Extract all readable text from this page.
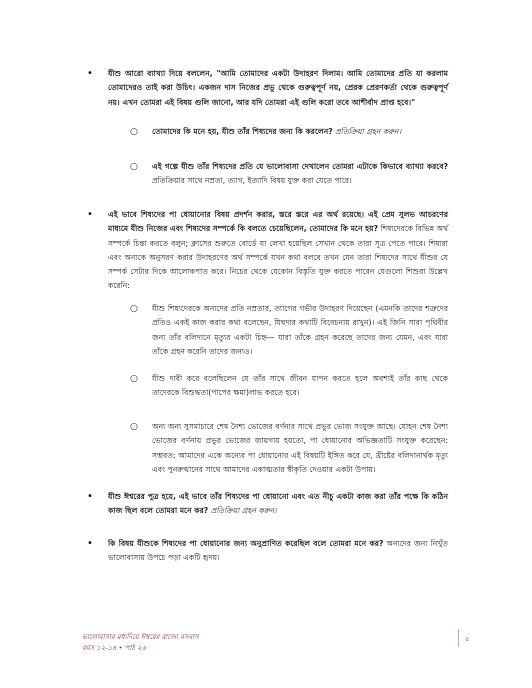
• যীশু আরো ব্যাখ্যা দিয়ে বললেন, "আমি তোমাদের একটা উদাহরণ দিলাম। আমি তোমাদের প্রতি যা করলাম তোমাদেরও তাই করা উচিৎ। একজন দাস নিজের প্রভু থেকে গুরুত্বপূর্ণ নয়, প্রেরক প্রেরণকর্তা থেকে গুরুত্বপূর্ণ নয়। এখন তোমরা এই বিষয় গুলি জানো, আর যদি তোমরা এই গুলি করো তবে আশীর্বাদ প্রাপ্ত হবে।"
○ তোমাদের কি মনে হয়, যীশু তাঁর শিষ্যদের জন্য কি করলেন? প্রতিক্রিয়া গ্রহন করুন।
○ এই গল্পে যীশু তাঁর শিষ্যদের প্রতি যে ভালোবাসা দেখালেন তোমরা এটাকে কিভাবে ব্যাখ্যা করবে? প্রতিক্রিয়ার সাথে নম্রতা, ত্যাগ, ইত্যাদি বিষয় যুক্ত করা যেতে পারে।
• এই ভাবে শিষ্যদের পা ধোয়ানোর বিষয় প্রদর্শন করার, স্তরে স্তরে এর অর্থ রয়েছে। এই প্রেম সুলভ আচরণের মাধ্যমে যীশু নিজের এবং শিষ্যদের সম্পর্কে কি বলতে চেয়েছিলেন, তোমাদের কি মনে হয়? শিষ্যদেরকে বিভিন্ন অর্থ সম্পর্কে চিন্তা করতে বলুন; ক্লাসের শুরুতে বোর্ডে যা লেখা হয়েছিল সেখান থেকে তারা সূত্র পেতে পারে। শিষ্যরা এবং অন্যকে অনুসরণ করার উদাহরণের অর্থ সম্পর্কে যখন কথা বলবে তখন যেন তারা শিষ্যদের সাথে যীশুর যে সম্পর্ক সেটার দিকে আলোকপাত করে। নিচের থেকে যেকোন বিস্তৃতি যুক্ত করতে পারেন যেগুলো শিশুরা উল্লেখ করেনি:
○ যীশু শিষ্যদেরকে অন্যদের প্রতি নম্রতার, ত্যাগের গভীর উদাহরণ দিয়েছেন (এমনকি তাদের শত্রুদের প্রতিও একই কাজ করার কথা বলেছেন, যিহুদার কথাটি বিবেচনায় রাখুন)। এই জিনি সারা পৃথিবীর জন্য তাঁর বলিদানে মৃত্যুর একটা চিহ্ন— যারা তাঁকে গ্রহন করেছে তাদের জন্য যেমন, এবং যারা তাঁকে গ্রহন করেনি তাদের জন্যও।
○ যীশু দাবী করে বলেছিলেন যে তাঁর সাথে জীবন যাপন করতে হলে অবশ্যই তাঁর কাছ থেকে তাদেরকে বিশুদ্ধতা(পাপের ক্ষমা)লাভ করতে হবে।
○ অন্য অন্য সুসমাচারে শেষ নৈশ্য ভোজের বর্ণনার সাথে প্রভুর ভোজ সংযুক্ত আছে। যোহন শেষ নৈশ্য ভোজের বর্ণনায় প্রভুর ভোজের জায়গায় হয়তো, পা ধোয়ানোর অভিজ্ঞতাটি সংযুক্ত করেছেন: সম্ভবত: আমাদের একে অন্যের পা ধোয়ানোর এই বিষয়টি ইঙ্গিত করে যে, খ্রীষ্টের বলিদানার্থক মৃত্যু এবং পুনরুত্থানের সাথে আমাদের একাত্মতার স্বীকৃতি দেওয়ার একটা উপায়।
• যীশু ঈশ্বরের পুত্র হয়ে, এই ভাবে তাঁর শিষ্যদের পা ধোয়ানো এবং এত নীচু একটা কাজ করা তাঁর পক্ষে কি কঠিন কাজ ছিল বলে তোমরা মনে কর? প্রতিক্রিয়া গ্রহন করুন।
• কি বিষয় যীশুকে শিষ্যদের পা ধোয়ানোর জন্য অনুপ্রাণিত করেছিল বলে তোমরা মনে কর? অন্যদের জন্য নিখুঁত ভালোবাসায় উপচে পড়া একটি হৃদয়।
ভালোবাসার মধ্যদিয়ে ঈশ্বরের রাজ্যে বসবাস
বয়স ১২-১৪ • পাঠ ২৬
৫
